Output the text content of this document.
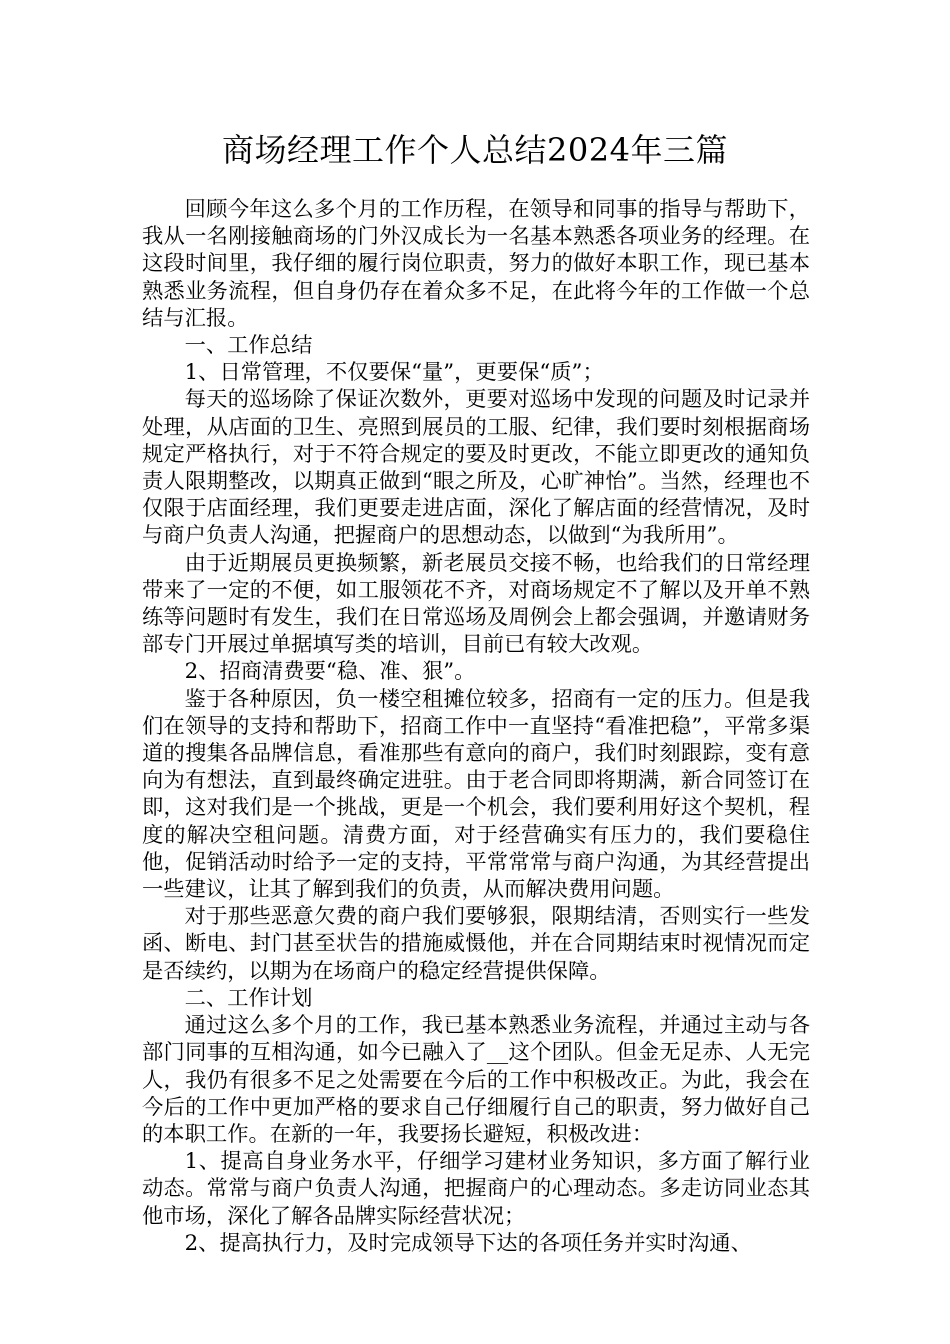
商场经理工作个人总结2024年三篇

回顾今年这么多个月的工作历程，在领导和同事的指导与帮助下，我从一名刚接触商场的门外汉成长为一名基本熟悉各项业务的经理。在这段时间里，我仔细的履行岗位职责，努力的做好本职工作，现已基本熟悉业务流程，但自身仍存在着众多不足，在此将今年的工作做一个总结与汇报。

一、工作总结

1、日常管理，不仅要保“量”，更要保“质”；

每天的巡场除了保证次数外，更要对巡场中发现的问题及时记录并处理，从店面的卫生、亮照到展员的工服、纪律，我们要时刻根据商场规定严格执行，对于不符合规定的要及时更改，不能立即更改的通知负责人限期整改，以期真正做到“眼之所及，心旷神怡”。当然，经理也不仅限于店面经理，我们更要走进店面，深化了解店面的经营情况，及时与商户负责人沟通，把握商户的思想动态，以做到“为我所用”。

由于近期展员更换频繁，新老展员交接不畅，也给我们的日常经理带来了一定的不便，如工服领花不齐，对商场规定不了解以及开单不熟练等问题时有发生，我们在日常巡场及周例会上都会强调，并邀请财务部专门开展过单据填写类的培训，目前已有较大改观。

2、招商清费要“稳、准、狠”。

鉴于各种原因，负一楼空租摊位较多，招商有一定的压力。但是我们在领导的支持和帮助下，招商工作中一直坚持“看准把稳”，平常多渠道的搜集各品牌信息，看准那些有意向的商户，我们时刻跟踪，变有意向为有想法，直到最终确定进驻。由于老合同即将期满，新合同签订在即，这对我们是一个挑战，更是一个机会，我们要利用好这个契机，程度的解决空租问题。清费方面，对于经营确实有压力的，我们要稳住他，促销活动时给予一定的支持，平常常常与商户沟通，为其经营提出一些建议，让其了解到我们的负责，从而解决费用问题。

对于那些恶意欠费的商户我们要够狠，限期结清，否则实行一些发函、断电、封门甚至状告的措施威慑他，并在合同期结束时视情况而定是否续约，以期为在场商户的稳定经营提供保障。

二、工作计划

通过这么多个月的工作，我已基本熟悉业务流程，并通过主动与各部门同事的互相沟通，如今已融入了__这个团队。但金无足赤、人无完人，我仍有很多不足之处需要在今后的工作中积极改正。为此，我会在今后的工作中更加严格的要求自己仔细履行自己的职责，努力做好自己的本职工作。在新的一年，我要扬长避短，积极改进：

1、提高自身业务水平，仔细学习建材业务知识，多方面了解行业动态。常常与商户负责人沟通，把握商户的心理动态。多走访同业态其他市场，深化了解各品牌实际经营状况；

2、提高执行力，及时完成领导下达的各项任务并实时沟通、
